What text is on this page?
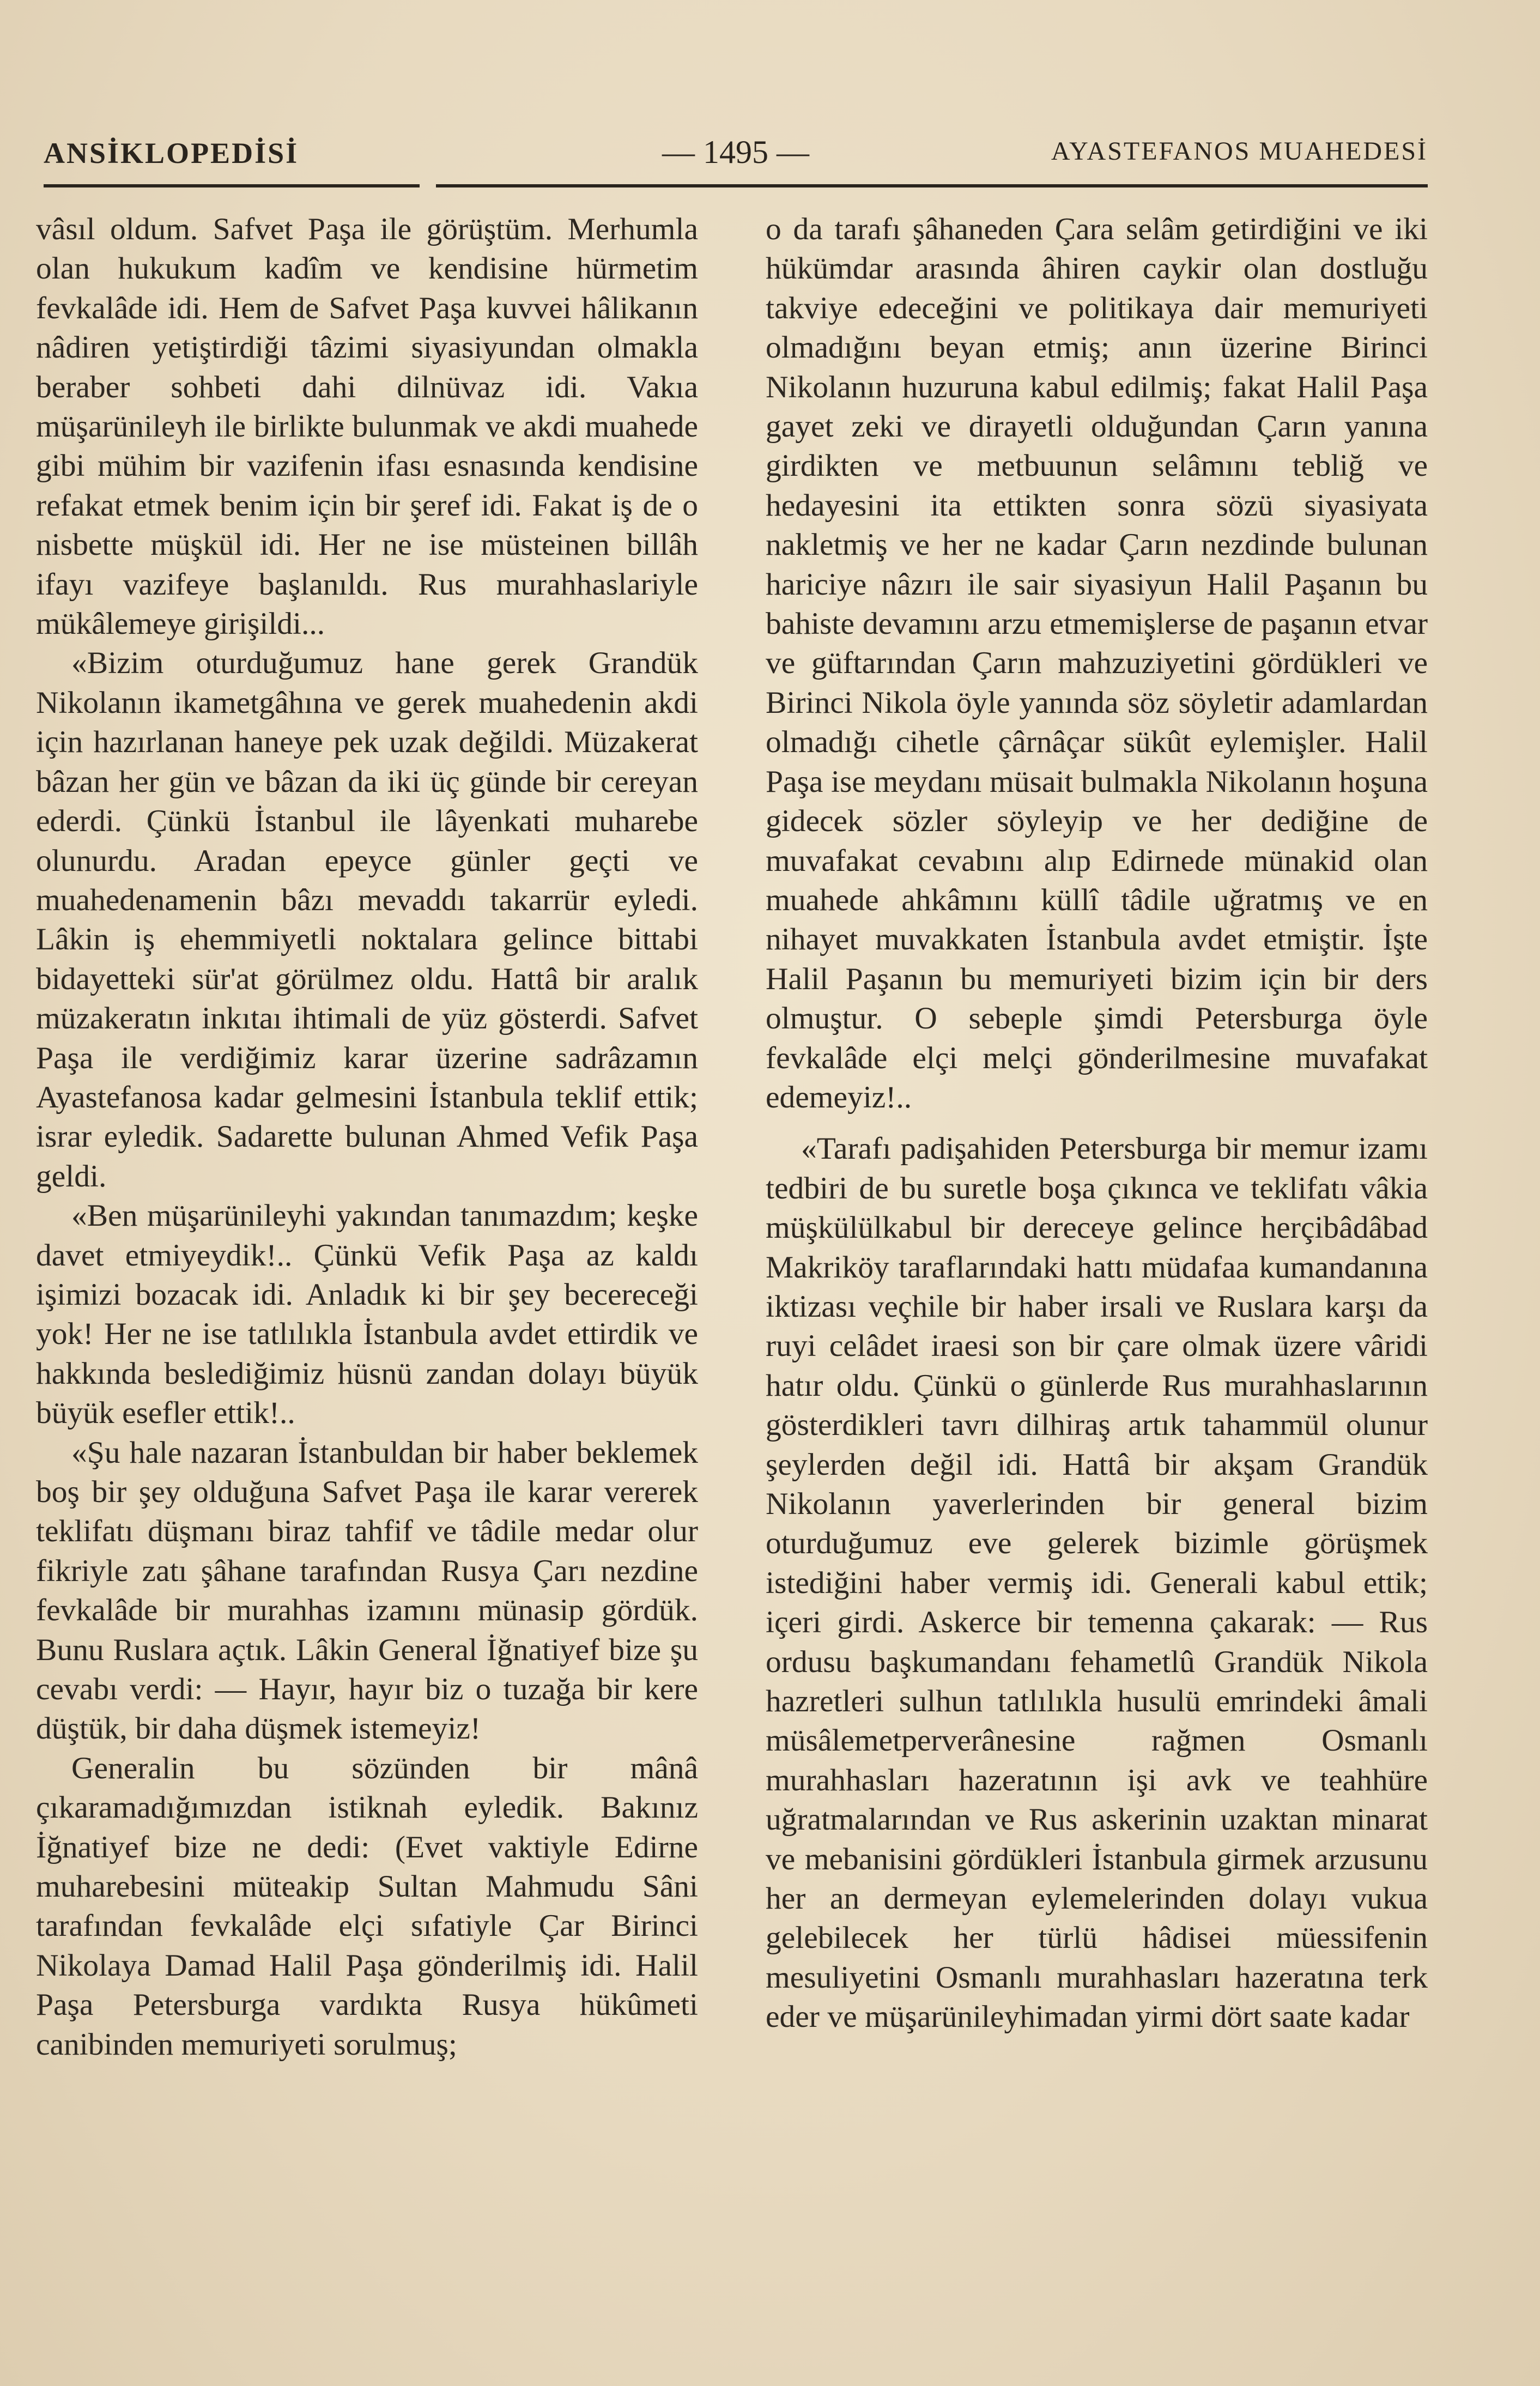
ANSİKLOPEDİSİ	— 1495 —	AYASTEFANOS MUAHEDESİ

vâsıl oldum. Safvet Paşa ile görüştüm. Merhumla olan hukukum kadîm ve kendisine hürmetim fevkalâde idi. Hem de Safvet Paşa kuvvei hâlikanın nâdiren yetiştirdiği tâzimi siyasiyundan olmakla beraber sohbeti dahi dilnüvaz idi. Vakıa müşarünileyh ile birlikte bulunmak ve akdi muahede gibi mühim bir vazifenin ifası esnasında kendisine refakat etmek benim için bir şeref idi. Fakat iş de o nisbette müşkül idi. Her ne ise müsteinen billâh ifayı vazifeye başlanıldı. Rus murahhaslariyle mükâlemeye girişildi...

«Bizim oturduğumuz hane gerek Grandük Nikolanın ikametgâhına ve gerek muahedenin akdi için hazırlanan haneye pek uzak değildi. Müzakerat bâzan her gün ve bâzan da iki üç günde bir cereyan ederdi. Çünkü İstanbul ile lâyenkati muharebe olunurdu. Aradan epeyce günler geçti ve muahedenamenin bâzı mevaddı takarrür eyledi. Lâkin iş ehemmiyetli noktalara gelince bittabi bidayetteki sür'at görülmez oldu. Hattâ bir aralık müzakeratın inkıtaı ihtimali de yüz gösterdi. Safvet Paşa ile verdiğimiz karar üzerine sadrâzamın Ayastefanosa kadar gelmesini İstanbula teklif ettik; israr eyledik. Sadarette bulunan Ahmed Vefik Paşa geldi.

«Ben müşarünileyhi yakından tanımazdım; keşke davet etmiyeydik!.. Çünkü Vefik Paşa az kaldı işimizi bozacak idi. Anladık ki bir şey becereceği yok! Her ne ise tatlılıkla İstanbula avdet ettirdik ve hakkında beslediğimiz hüsnü zandan dolayı büyük büyük esefler ettik!..

«Şu hale nazaran İstanbuldan bir haber beklemek boş bir şey olduğuna Safvet Paşa ile karar vererek teklifatı düşmanı biraz tahfif ve tâdile medar olur fikriyle zatı şâhane tarafından Rusya Çarı nezdine fevkalâde bir murahhas izamını münasip gördük. Bunu Ruslara açtık. Lâkin General İğnatiyef bize şu cevabı verdi: — Hayır, hayır biz o tuzağa bir kere düştük, bir daha düşmek istemeyiz!

Generalin bu sözünden bir mânâ çıkaramadığımızdan istiknah eyledik. Bakınız İğnatiyef bize ne dedi: (Evet vaktiyle Edirne muharebesini müteakip Sultan Mahmudu Sâni tarafından fevkalâde elçi sıfatiyle Çar Birinci Nikolaya Damad Halil Paşa gönderilmiş idi. Halil Paşa Petersburga vardıkta Rusya hükûmeti canibinden memuriyeti sorulmuş;

o da tarafı şâhaneden Çara selâm getirdiğini ve iki hükümdar arasında âhiren caykir olan dostluğu takviye edeceğini ve politikaya dair memuriyeti olmadığını beyan etmiş; anın üzerine Birinci Nikolanın huzuruna kabul edilmiş; fakat Halil Paşa gayet zeki ve dirayetli olduğundan Çarın yanına girdikten ve metbuunun selâmını tebliğ ve hedayesini ita ettikten sonra sözü siyasiyata nakletmiş ve her ne kadar Çarın nezdinde bulunan hariciye nâzırı ile sair siyasiyun Halil Paşanın bu bahiste devamını arzu etmemişlerse de paşanın etvar ve güftarından Çarın mahzuziyetini gördükleri ve Birinci Nikola öyle yanında söz söyletir adamlardan olmadığı cihetle çârnâçar sükût eylemişler. Halil Paşa ise meydanı müsait bulmakla Nikolanın hoşuna gidecek sözler söyleyip ve her dediğine de muvafakat cevabını alıp Edirnede münakid olan muahede ahkâmını küllî tâdile uğratmış ve en nihayet muvakkaten İstanbula avdet etmiştir. İşte Halil Paşanın bu memuriyeti bizim için bir ders olmuştur. O sebeple şimdi Petersburga öyle fevkalâde elçi melçi gönderilmesine muvafakat edemeyiz!..

«Tarafı padişahiden Petersburga bir memur izamı tedbiri de bu suretle boşa çıkınca ve teklifatı vâkia müşkülülkabul bir dereceye gelince herçibâdâbad Makriköy taraflarındaki hattı müdafaa kumandanına iktizası veçhile bir haber irsali ve Ruslara karşı da ruyi celâdet iraesi son bir çare olmak üzere vâridi hatır oldu. Çünkü o günlerde Rus murahhaslarının gösterdikleri tavrı dilhiraş artık tahammül olunur şeylerden değil idi. Hattâ bir akşam Grandük Nikolanın yaverlerinden bir general bizim oturduğumuz eve gelerek bizimle görüşmek istediğini haber vermiş idi. Generali kabul ettik; içeri girdi. Askerce bir temenna çakarak: — Rus ordusu başkumandanı fehametlû Grandük Nikola hazretleri sulhun tatlılıkla husulü emrindeki âmali müsâlemetperverânesine rağmen Osmanlı murahhasları hazeratının işi avk ve teahhüre uğratmalarından ve Rus askerinin uzaktan minarat ve mebanisini gördükleri İstanbula girmek arzusunu her an dermeyan eylemelerinden dolayı vukua gelebilecek her türlü hâdisei müessifenin mesuliyetini Osmanlı murahhasları hazeratına terk eder ve müşarünileyhimadan yirmi dört saate kadar
